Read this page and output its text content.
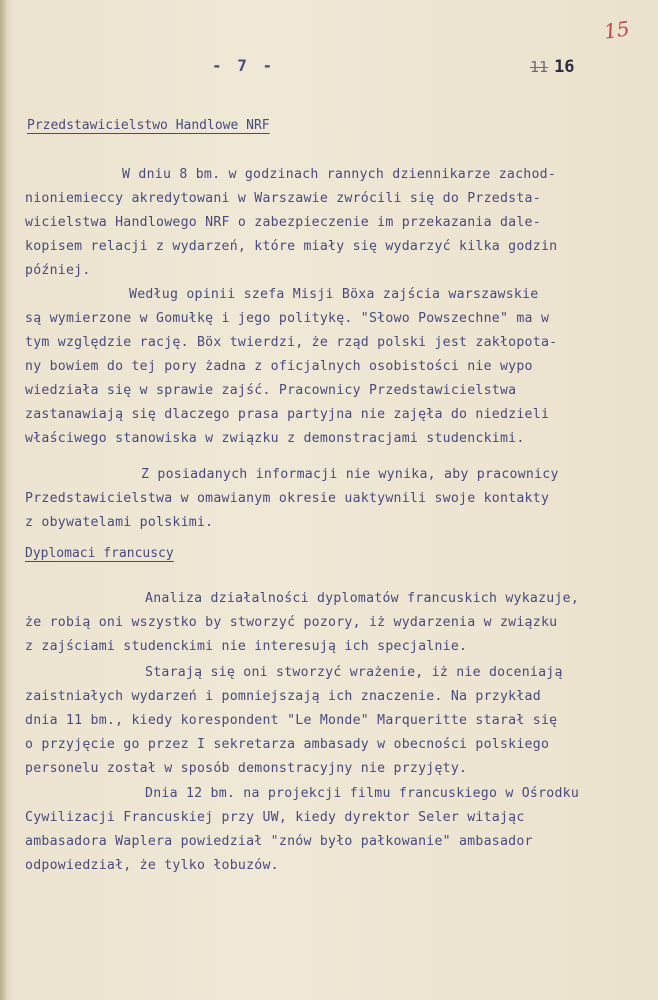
- 7 -	11 16
15
Przedstawicielstwo Handlowe NRF
W dniu 8 bm. w godzinach rannych dziennikarze zachod-
nioniemieccy akredytowani w Warszawie zwrócili się do Przedsta-
wicielstwa Handlowego NRF o zabezpieczenie im przekazania dale-
kopisem relacji z wydarzeń, które miały się wydarzyć kilka godzin
później.
Według opinii szefa Misji Böxa zajścia warszawskie
są wymierzone w Gomułkę i jego politykę. "Słowo Powszechne" ma w
tym względzie rację. Böx twierdzi, że rząd polski jest zakłopota-
ny bowiem do tej pory żadna z oficjalnych osobistości nie wypo
wiedziała się w sprawie zajść. Pracownicy Przedstawicielstwa
zastanawiają się dlaczego prasa partyjna nie zajęła do niedzieli
właściwego stanowiska w związku z demonstracjami studenckimi.
Z posiadanych informacji nie wynika, aby pracownicy
Przedstawicielstwa w omawianym okresie uaktywnili swoje kontakty
z obywatelami polskimi.
Dyplomaci francuscy
Analiza działalności dyplomatów francuskich wykazuje,
że robią oni wszystko by stworzyć pozory, iż wydarzenia w związku
z zajściami studenckimi nie interesują ich specjalnie.
Starają się oni stworzyć wrażenie, iż nie doceniają
zaistniałych wydarzeń i pomniejszają ich znaczenie. Na przykład
dnia 11 bm., kiedy korespondent "Le Monde" Marqueritte starał się
o przyjęcie go przez I sekretarza ambasady w obecności polskiego
personelu został w sposób demonstracyjny nie przyjęty.
Dnia 12 bm. na projekcji filmu francuskiego w Ośrodku
Cywilizacji Francuskiej przy UW, kiedy dyrektor Seler witając
ambasadora Waplera powiedział "znów było pałkowanie" ambasador
odpowiedział, że tylko łobuzów.
